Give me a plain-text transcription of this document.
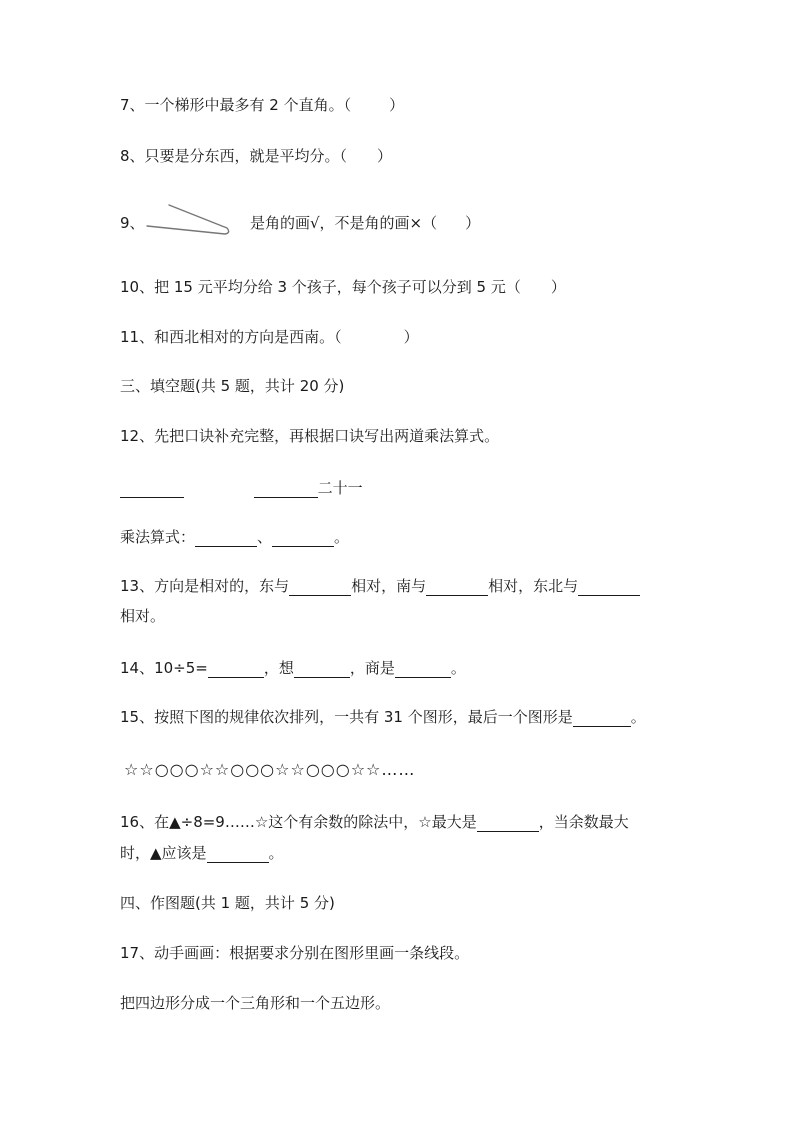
7、一个梯形中最多有 2 个直角。（	）
8、只要是分东西，就是平均分。（ ）
9、	是角的画√，不是角的画×（ ）
10、把 15 元平均分给 3 个孩子，每个孩子可以分到 5 元（ ）
11、和西北相对的方向是西南。（	）
三、填空题(共 5 题，共计 20 分)
12、先把口诀补充完整，再根据口诀写出两道乘法算式。
二十一
乘法算式：	、	。
13、方向是相对的，东与	相对，南与	相对，东北与
相对。
14、10÷5=	，想	，商是	。
15、按照下图的规律依次排列，一共有 31 个图形，最后一个图形是	。
☆☆○○○☆☆○○○☆☆○○○☆☆……
16、在▲÷8=9……☆这个有余数的除法中，☆最大是	，当余数最大
时，▲应该是	。
四、作图题(共 1 题，共计 5 分)
17、动手画画：根据要求分别在图形里画一条线段。
把四边形分成一个三角形和一个五边形。
